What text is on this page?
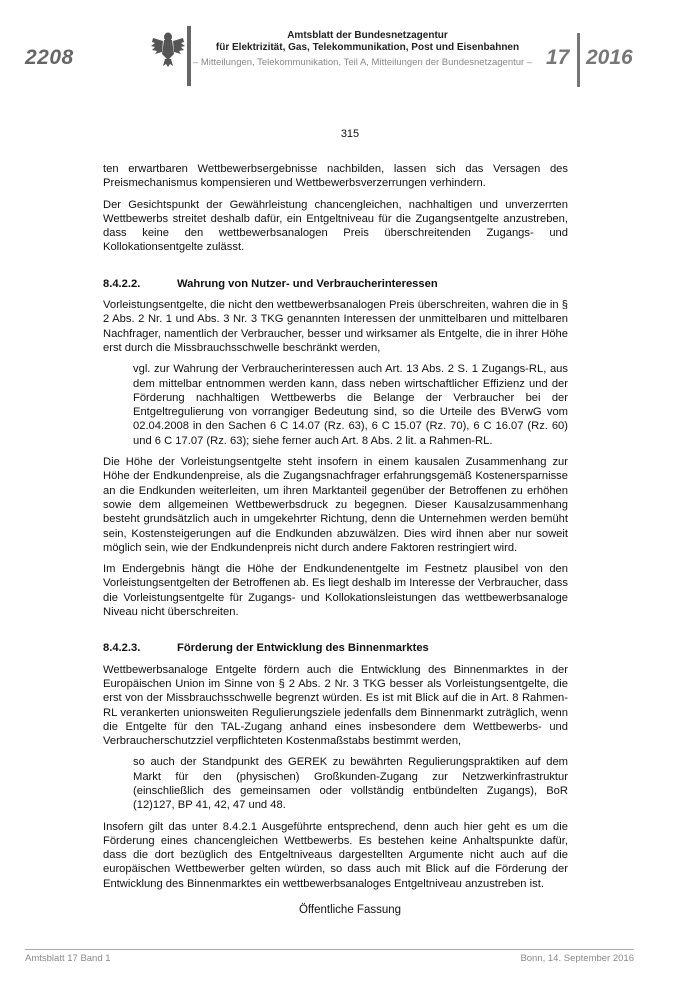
2208
Amtsblatt der Bundesnetzagentur
für Elektrizität, Gas, Telekommunikation, Post und Eisenbahnen
– Mitteilungen, Telekommunikation, Teil A, Mitteilungen der Bundesnetzagentur – 17 2016
315

ten erwartbaren Wettbewerbsergebnisse nachbilden, lassen sich das Versagen des Preismechanismus kompensieren und Wettbewerbsverzerrungen verhindern.

Der Gesichtspunkt der Gewährleistung chancengleichen, nachhaltigen und unverzerrten Wettbewerbs streitet deshalb dafür, ein Entgeltniveau für die Zugangsentgelte anzustreben, dass keine den wettbewerbsanalogen Preis überschreitenden Zugangs- und Kollokationsentgelte zulässt.

8.4.2.2.	Wahrung von Nutzer- und Verbraucherinteressen

Vorleistungsentgelte, die nicht den wettbewerbsanalogen Preis überschreiten, wahren die in § 2 Abs. 2 Nr. 1 und Abs. 3 Nr. 3 TKG genannten Interessen der unmittelbaren und mittelbaren Nachfrager, namentlich der Verbraucher, besser und wirksamer als Entgelte, die in ihrer Höhe erst durch die Missbrauchsschwelle beschränkt werden,

vgl. zur Wahrung der Verbraucherinteressen auch Art. 13 Abs. 2 S. 1 Zugangs-RL, aus dem mittelbar entnommen werden kann, dass neben wirtschaftlicher Effizienz und der Förderung nachhaltigen Wettbewerbs die Belange der Verbraucher bei der Entgeltregulierung von vorrangiger Bedeutung sind, so die Urteile des BVerwG vom 02.04.2008 in den Sachen 6 C 14.07 (Rz. 63), 6 C 15.07 (Rz. 70), 6 C 16.07 (Rz. 60) und 6 C 17.07 (Rz. 63); siehe ferner auch Art. 8 Abs. 2 lit. a Rahmen-RL.

Die Höhe der Vorleistungsentgelte steht insofern in einem kausalen Zusammenhang zur Höhe der Endkundenpreise, als die Zugangsnachfrager erfahrungsgemäß Kostenersparnisse an die Endkunden weiterleiten, um ihren Marktanteil gegenüber der Betroffenen zu erhöhen sowie dem allgemeinen Wettbewerbsdruck zu begegnen. Dieser Kausalzusammenhang besteht grundsätzlich auch in umgekehrter Richtung, denn die Unternehmen werden bemüht sein, Kostensteigerungen auf die Endkunden abzuwälzen. Dies wird ihnen aber nur soweit möglich sein, wie der Endkundenpreis nicht durch andere Faktoren restringiert wird.

Im Endergebnis hängt die Höhe der Endkundenentgelte im Festnetz plausibel von den Vorleistungsentgelten der Betroffenen ab. Es liegt deshalb im Interesse der Verbraucher, dass die Vorleistungsentgelte für Zugangs- und Kollokationsleistungen das wettbewerbsanaloge Niveau nicht überschreiten.

8.4.2.3.	Förderung der Entwicklung des Binnenmarktes

Wettbewerbsanaloge Entgelte fördern auch die Entwicklung des Binnenmarktes in der Europäischen Union im Sinne von § 2 Abs. 2 Nr. 3 TKG besser als Vorleistungsentgelte, die erst von der Missbrauchsschwelle begrenzt würden. Es ist mit Blick auf die in Art. 8 Rahmen-RL verankerten unionsweiten Regulierungsziele jedenfalls dem Binnenmarkt zuträglich, wenn die Entgelte für den TAL-Zugang anhand eines insbesondere dem Wettbewerbs- und Verbraucherschutzziel verpflichteten Kostenmaßstabs bestimmt werden,

so auch der Standpunkt des GEREK zu bewährten Regulierungspraktiken auf dem Markt für den (physischen) Großkunden-Zugang zur Netzwerkinfrastruktur (einschließlich des gemeinsamen oder vollständig entbündelten Zugangs), BoR (12)127, BP 41, 42, 47 und 48.

Insofern gilt das unter 8.4.2.1 Ausgeführte entsprechend, denn auch hier geht es um die Förderung eines chancengleichen Wettbewerbs. Es bestehen keine Anhaltspunkte dafür, dass die dort bezüglich des Entgeltniveaus dargestellten Argumente nicht auch auf die europäischen Wettbewerber gelten würden, so dass auch mit Blick auf die Förderung der Entwicklung des Binnenmarktes ein wettbewerbsanaloges Entgeltniveau anzustreben ist.

Öffentliche Fassung
Amtsblatt 17 Band 1	Bonn, 14. September 2016
